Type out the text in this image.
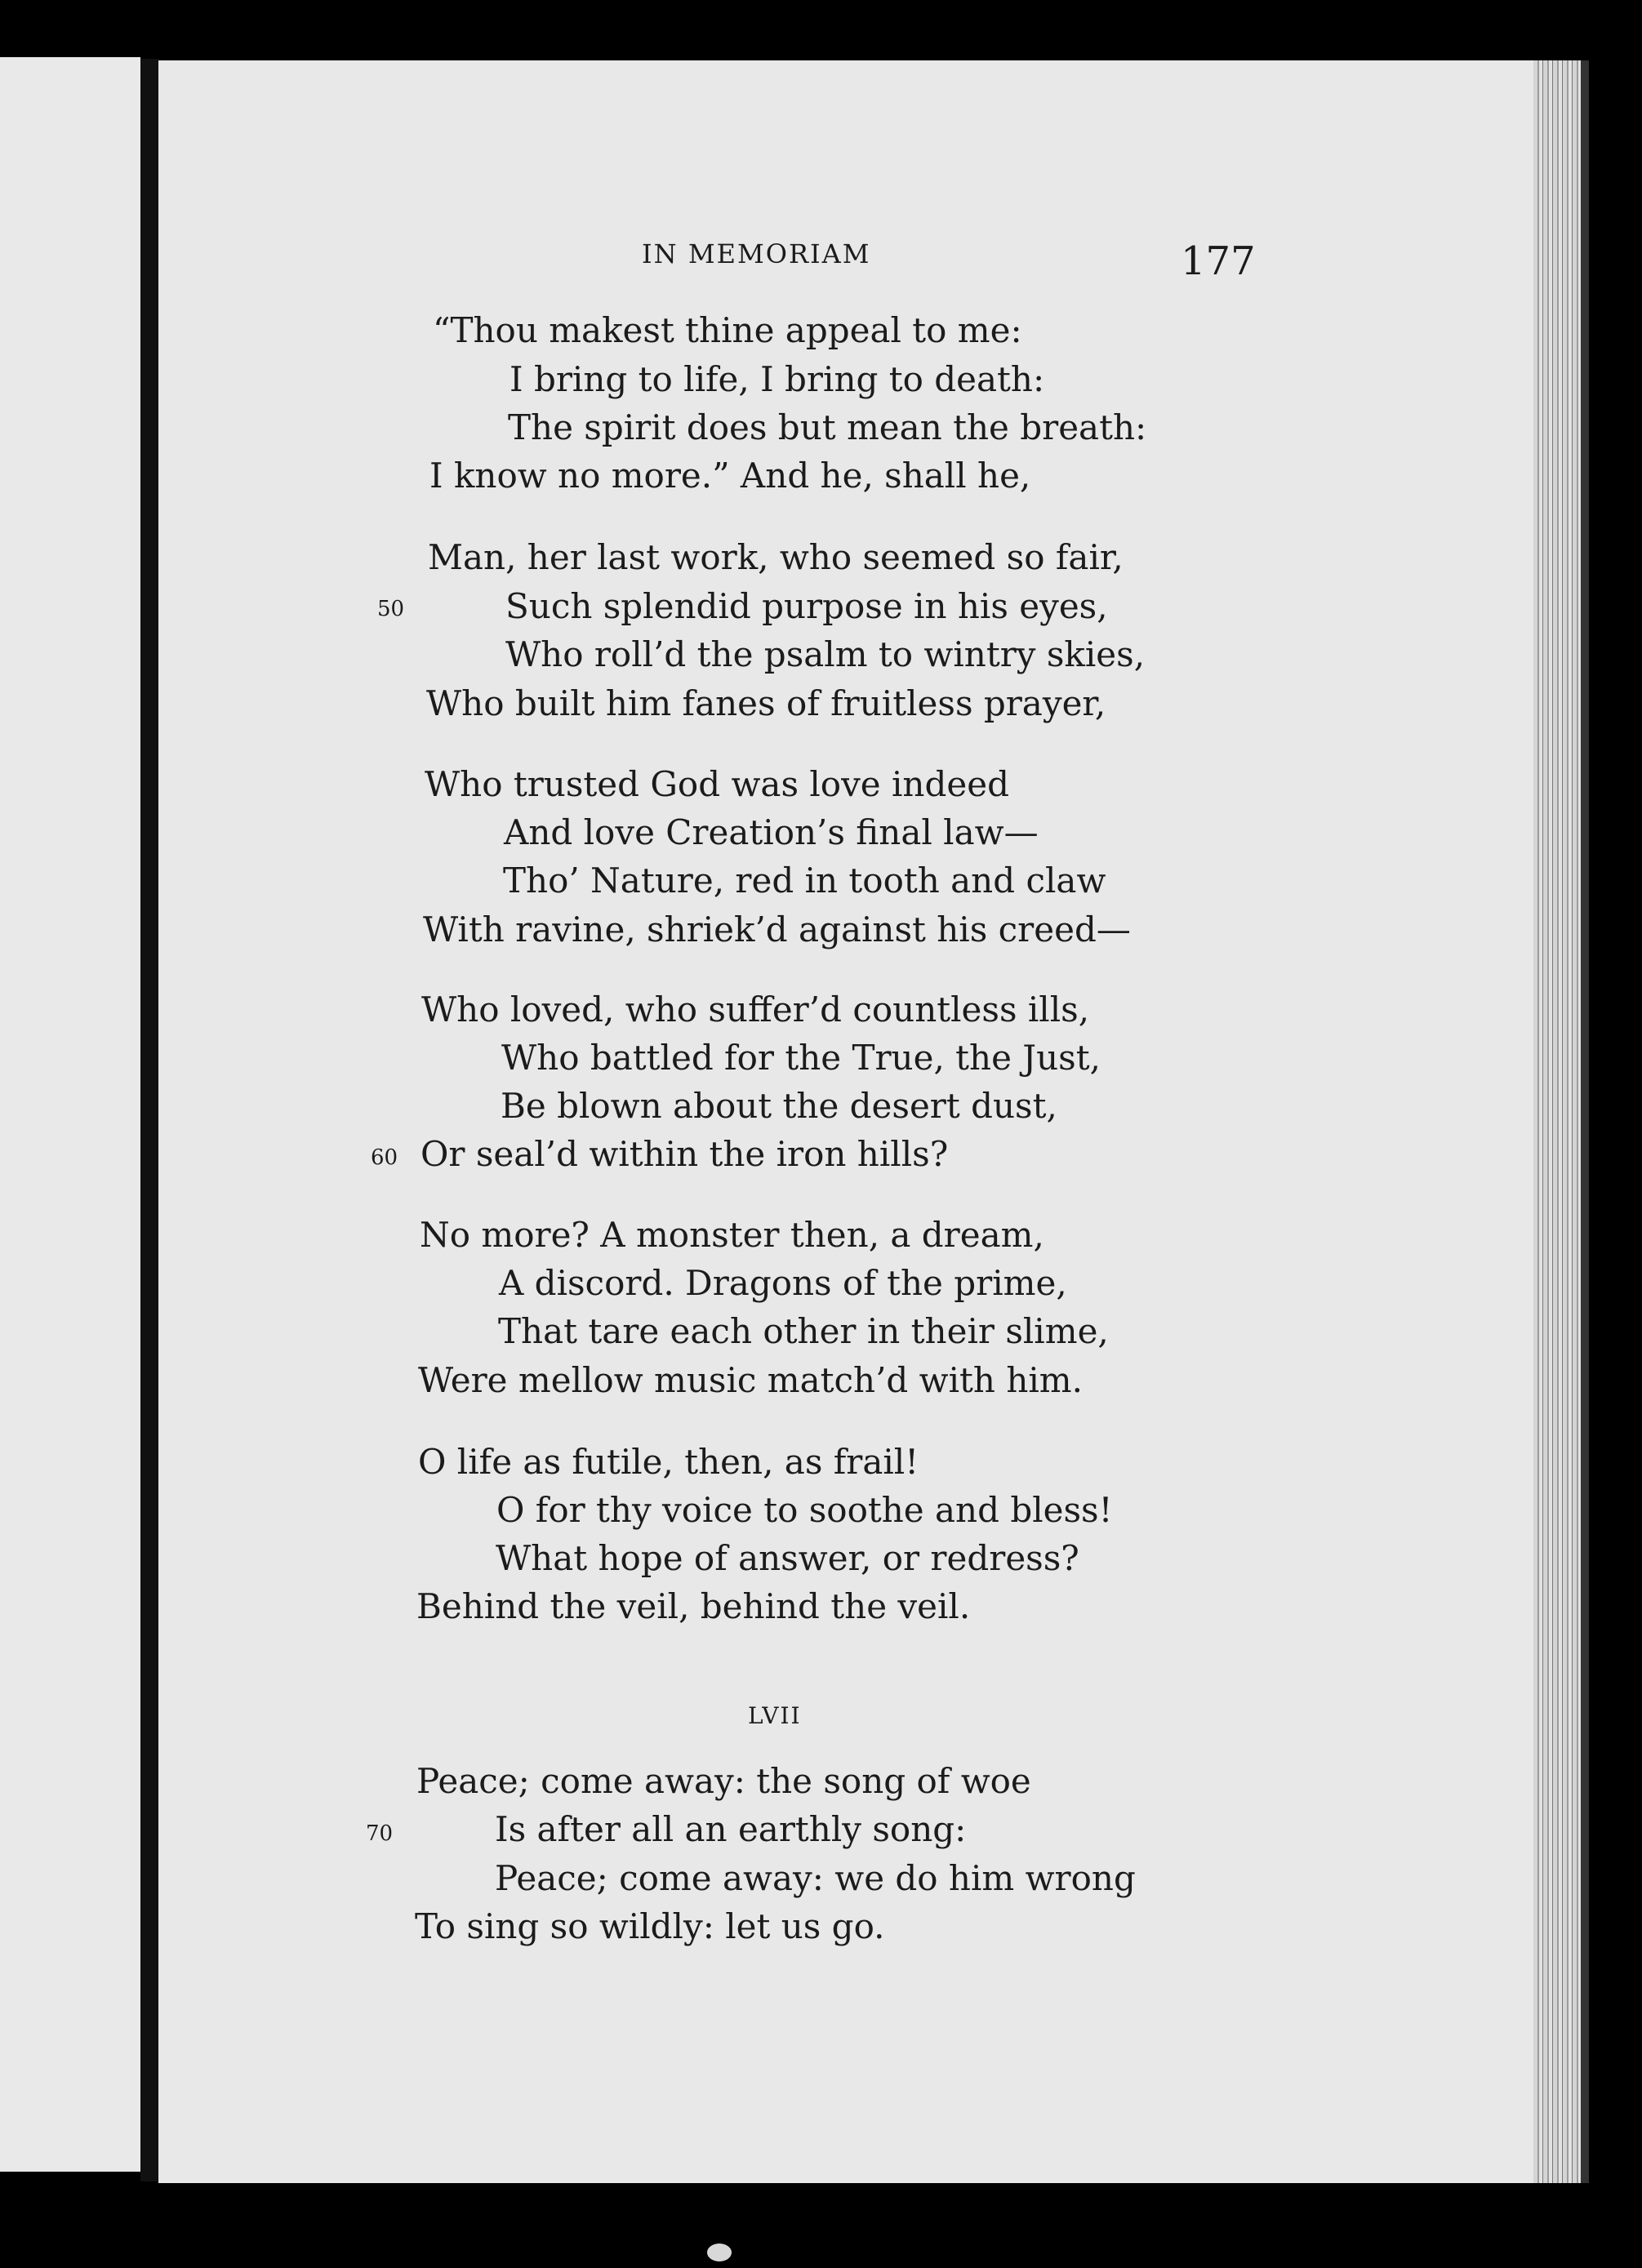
IN MEMORIAM	177
“Thou makest thine appeal to me:
I bring to life, I bring to death:
The spirit does but mean the breath:
I know no more.” And he, shall he,
Man, her last work, who seemed so fair,
50	Such splendid purpose in his eyes,
Who roll’d the psalm to wintry skies,
Who built him fanes of fruitless prayer,
Who trusted God was love indeed
And love Creation’s final law—
Tho’ Nature, red in tooth and claw
With ravine, shriek’d against his creed—
Who loved, who suffer’d countless ills,
Who battled for the True, the Just,
Be blown about the desert dust,
60 Or seal’d within the iron hills?
No more? A monster then, a dream,
A discord. Dragons of the prime,
That tare each other in their slime,
Were mellow music match’d with him.
O life as futile, then, as frail!
O for thy voice to soothe and bless!
What hope of answer, or redress?
Behind the veil, behind the veil.
LVII
Peace; come away: the song of woe
70	Is after all an earthly song:
Peace; come away: we do him wrong
To sing so wildly: let us go.
